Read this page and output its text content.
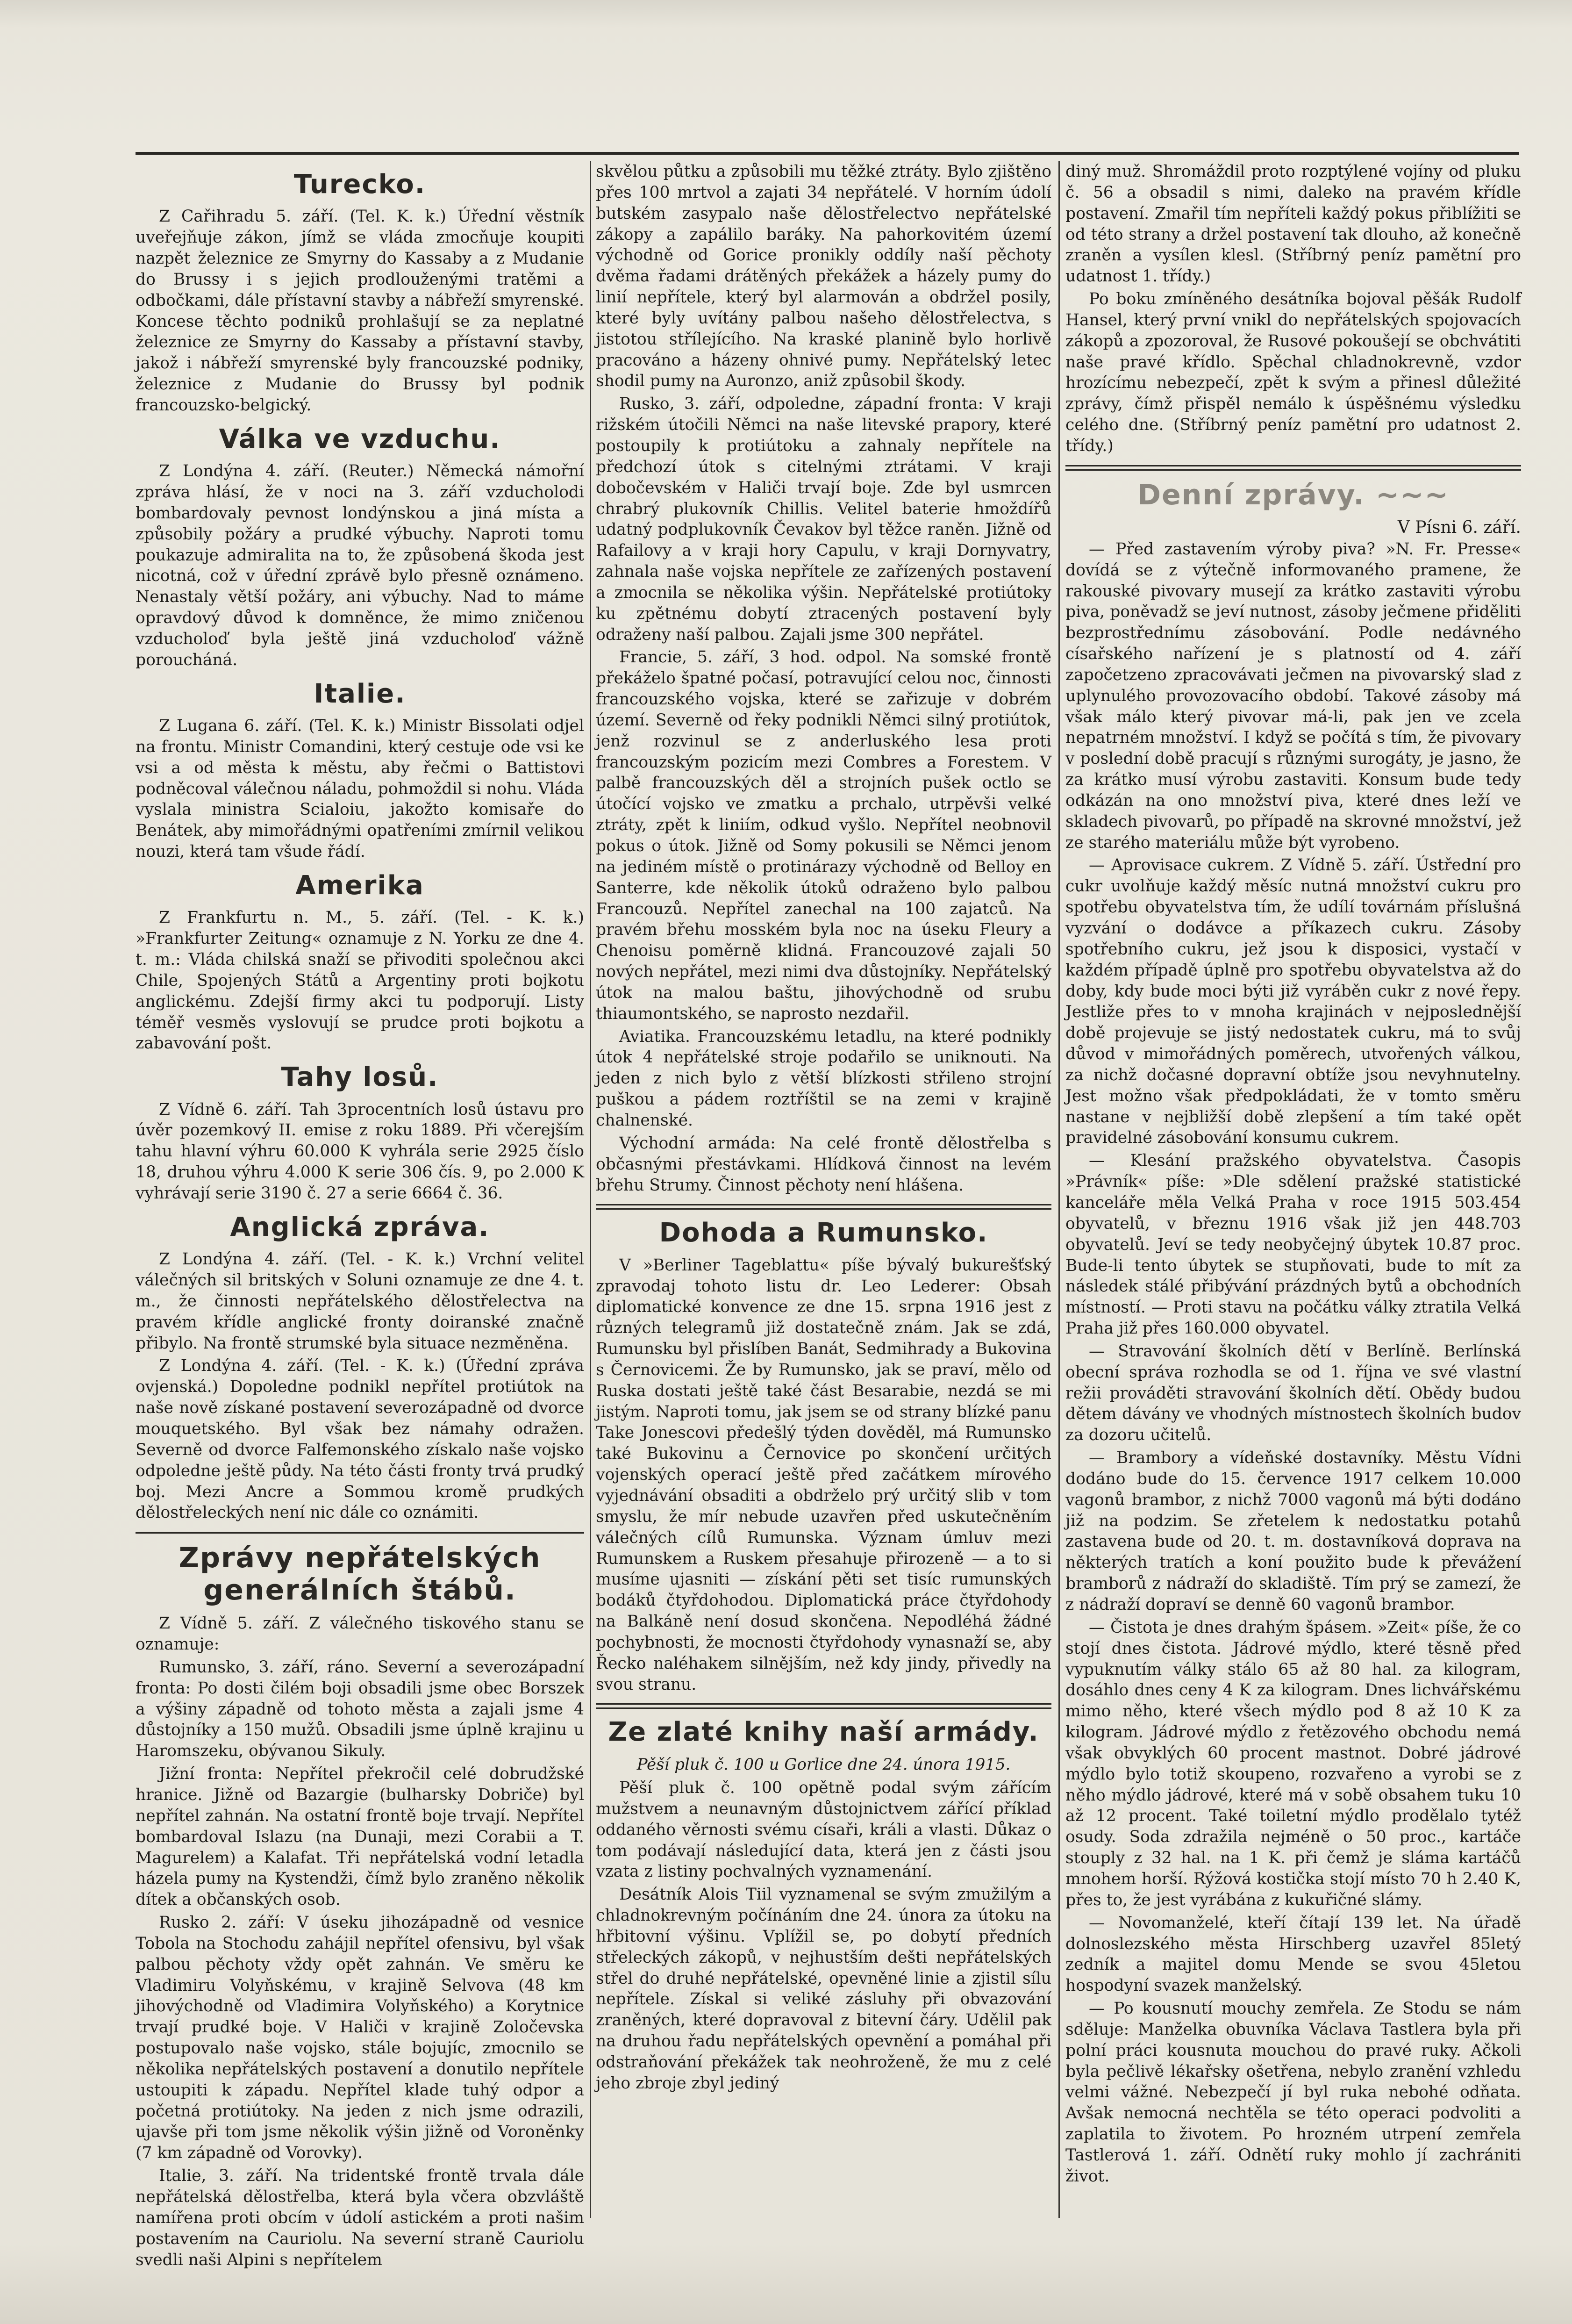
Turecko.

Z Cařihradu 5. září. (Tel. K. k.) Úřední věstník uveřejňuje zákon, jímž se vláda zmocňuje koupiti nazpět železnice ze Smyrny do Kassaby a z Mudanie do Brussy i s jejich prodlouženými tratěmi a odbočkami, dále přístavní stavby a nábřeží smyrenské. Koncese těchto podniků prohlašují se za neplatné železnice ze Smyrny do Kassaby a přístavní stavby, jakož i nábřeží smyrenské byly francouzské podniky, železnice z Mudanie do Brussy byl podnik francouzsko-belgický.

Válka ve vzduchu.

Z Londýna 4. září. (Reuter.) Německá námořní zpráva hlásí, že v noci na 3. září vzducholodi bombardovaly pevnost londýnskou a jiná místa a způsobily požáry a prudké výbuchy. Naproti tomu poukazuje admiralita na to, že způsobená škoda jest nicotná, což v úřední zprávě bylo přesně oznámeno. Nenastaly větší požáry, ani výbuchy. Nad to máme opravdový důvod k domněnce, že mimo zničenou vzducholoď byla ještě jiná vzducholoď vážně poroucháná.

Italie.

Z Lugana 6. září. (Tel. K. k.) Ministr Bissolati odjel na frontu. Ministr Comandini, který cestuje ode vsi ke vsi a od města k městu, aby řečmi o Battistovi podněcoval válečnou náladu, pohmoždil si nohu. Vláda vyslala ministra Scialoiu, jakožto komisaře do Benátek, aby mimořádnými opatřeními zmírnil velikou nouzi, která tam všude řádí.

Amerika

Z Frankfurtu n. M., 5. září. (Tel. - K. k.) »Frankfurter Zeitung« oznamuje z N. Yorku ze dne 4. t. m.: Vláda chilská snaží se přivoditi společnou akci Chile, Spojených Států a Argentiny proti bojkotu anglickému. Zdejší firmy akci tu podporují. Listy téměř vesměs vyslovují se prudce proti bojkotu a zabavování pošt.

Tahy losů.

Z Vídně 6. září. Tah 3procentních losů ústavu pro úvěr pozemkový II. emise z roku 1889. Při včerejším tahu hlavní výhru 60.000 K vyhrála serie 2925 číslo 18, druhou výhru 4.000 K serie 306 čís. 9, po 2.000 K vyhrávají serie 3190 č. 27 a serie 6664 č. 36.

Anglická zpráva.

Z Londýna 4. září. (Tel. - K. k.) Vrchní velitel válečných sil britských v Soluni oznamuje ze dne 4. t. m., že činnosti nepřátelského dělostřelectva na pravém křídle anglické fronty doiranské značně přibylo. Na frontě strumské byla situace nezměněna.

Z Londýna 4. září. (Tel. - K. k.) (Úřední zpráva ovjenská.) Dopoledne podnikl nepřítel protiútok na naše nově získané postavení severozápadně od dvorce mouquetského. Byl však bez námahy odražen. Severně od dvorce Falfemonského získalo naše vojsko odpoledne ještě půdy. Na této části fronty trvá prudký boj. Mezi Ancre a Sommou kromě prudkých dělostřeleckých není nic dále co oznámiti.

Zprávy nepřátelských generálních štábů.

Z Vídně 5. září. Z válečného tiskového stanu se oznamuje:

Rumunsko, 3. září, ráno. Severní a severozápadní fronta: Po dosti čilém boji obsadili jsme obec Borszek a výšiny západně od tohoto města a zajali jsme 4 důstojníky a 150 mužů. Obsadili jsme úplně krajinu u Haromszeku, obývanou Sikuly.

Jižní fronta: Nepřítel překročil celé dobrudžské hranice. Jižně od Bazargie (bulharsky Dobriče) byl nepřítel zahnán. Na ostatní frontě boje trvají. Nepřítel bombardoval Islazu (na Dunaji, mezi Corabii a T. Magurelem) a Kalafat. Tři nepřátelská vodní letadla házela pumy na Kystendži, čímž bylo zraněno několik dítek a občanských osob.

Rusko 2. září: V úseku jihozápadně od vesnice Tobola na Stochodu zahájil nepřítel ofensivu, byl však palbou pěchoty vždy opět zahnán. Ve směru ke Vladimiru Volyňskému, v krajině Selvova (48 km jihovýchodně od Vladimira Volyňského) a Korytnice trvají prudké boje. V Haliči v krajině Zoločevska postupovalo naše vojsko, stále bojujíc, zmocnilo se několika nepřátelských postavení a donutilo nepřítele ustoupiti k západu. Nepřítel klade tuhý odpor a početná protiútoky. Na jeden z nich jsme odrazili, ujavše při tom jsme několik výšin jižně od Voroněnky (7 km západně od Vorovky).

Italie, 3. září. Na tridentské frontě trvala dále nepřátelská dělostřelba, která byla včera obzvláště namířena proti obcím v údolí astickém a proti našim postavením na Cauriolu. Na severní straně Cauriolu svedli naši Alpini s nepřítelem

skvělou půtku a způsobili mu těžké ztráty. Bylo zjištěno přes 100 mrtvol a zajati 34 nepřátelé. V horním údolí butském zasypalo naše dělostřelectvo nepřátelské zákopy a zapálilo baráky. Na pahorkovitém území východně od Gorice pronikly oddíly naší pěchoty dvěma řadami drátěných překážek a házely pumy do linií nepřítele, který byl alarmován a obdržel posily, které byly uvítány palbou našeho dělostřelectva, s jistotou střílejícího. Na kraské planině bylo horlivě pracováno a házeny ohnivé pumy. Nepřátelský letec shodil pumy na Auronzo, aniž způsobil škody.

Rusko, 3. září, odpoledne, západní fronta: V kraji rižském útočili Němci na naše litevské prapory, které postoupily k protiútoku a zahnaly nepřítele na předchozí útok s citelnými ztrátami. V kraji dobočevském v Haliči trvají boje. Zde byl usmrcen chrabrý plukovník Chillis. Velitel baterie hmoždířů udatný podplukovník Čevakov byl těžce raněn. Jižně od Rafailovy a v kraji hory Capulu, v kraji Dornyvatry, zahnala naše vojska nepřítele ze zařízených postavení a zmocnila se několika výšin. Nepřátelské protiútoky ku zpětnému dobytí ztracených postavení byly odraženy naší palbou. Zajali jsme 300 nepřátel.

Francie, 5. září, 3 hod. odpol. Na somské frontě překáželo špatné počasí, potravující celou noc, činnosti francouzského vojska, které se zařizuje v dobrém území. Severně od řeky podnikli Němci silný protiútok, jenž rozvinul se z anderluského lesa proti francouzským pozicím mezi Combres a Forestem. V palbě francouzských děl a strojních pušek octlo se útočící vojsko ve zmatku a prchalo, utrpěvši velké ztráty, zpět k liniím, odkud vyšlo. Nepřítel neobnovil pokus o útok. Jižně od Somy pokusili se Němci jenom na jediném místě o protinárazy východně od Belloy en Santerre, kde několik útoků odraženo bylo palbou Francouzů. Nepřítel zanechal na 100 zajatců. Na pravém břehu mosském byla noc na úseku Fleury a Chenoisu poměrně klidná. Francouzové zajali 50 nových nepřátel, mezi nimi dva důstojníky. Nepřátelský útok na malou baštu, jihovýchodně od srubu thiaumontského, se naprosto nezdařil.

Aviatika. Francouzskému letadlu, na které podnikly útok 4 nepřátelské stroje podařilo se uniknouti. Na jeden z nich bylo z větší blízkosti střileno strojní puškou a pádem roztříštil se na zemi v krajině chalnenské.

Východní armáda: Na celé frontě dělostřelba s občasnými přestávkami. Hlídková činnost na levém břehu Strumy. Činnost pěchoty není hlášena.

Dohoda a Rumunsko.

V »Berliner Tageblattu« píše bývalý bukurešťský zpravodaj tohoto listu dr. Leo Lederer: Obsah diplomatické konvence ze dne 15. srpna 1916 jest z různých telegramů již dostatečně znám. Jak se zdá, Rumunsku byl přislíben Banát, Sedmihrady a Bukovina s Černovicemi. Že by Rumunsko, jak se praví, mělo od Ruska dostati ještě také část Besarabie, nezdá se mi jistým. Naproti tomu, jak jsem se od strany blízké panu Take Jonescovi předešlý týden dověděl, má Rumunsko také Bukovinu a Černovice po skončení určitých vojenských operací ještě před začátkem mírového vyjednávání obsaditi a obdrželo prý určitý slib v tom smyslu, že mír nebude uzavřen před uskutečněním válečných cílů Rumunska. Význam úmluv mezi Rumunskem a Ruskem přesahuje přirozeně — a to si musíme ujasniti — získání pěti set tisíc rumunských bodáků čtyřdohodou. Diplomatická práce čtyřdohody na Balkáně není dosud skončena. Nepodléhá žádné pochybnosti, že mocnosti čtyřdohody vynasnaží se, aby Řecko naléhakem silnějším, než kdy jindy, přivedly na svou stranu.

Ze zlaté knihy naší armády.
Pěší pluk č. 100 u Gorlice dne 24. února 1915.

Pěší pluk č. 100 opětně podal svým zářícím mužstvem a neunavným důstojnictvem zářící příklad oddaného věrnosti svému císaři, králi a vlasti. Důkaz o tom podávají následující data, která jen z části jsou vzata z listiny pochvalných vyznamenání.

Desátník Alois Tiil vyznamenal se svým zmužilým a chladnokrevným počínáním dne 24. února za útoku na hřbitovní výšinu. Vplížil se, po dobytí předních střeleckých zákopů, v nejhustším dešti nepřátelských střel do druhé nepřátelské, opevněné linie a zjistil sílu nepřítele. Získal si veliké zásluhy při obvazování zraněných, které dopravoval z bitevní čáry. Udělil pak na druhou řadu nepřátelských opevnění a pomáhal při odstraňování překážek tak neohroženě, že mu z celé jeho zbroje zbyl jediný

diný muž. Shromáždil proto rozptýlené vojíny od pluku č. 56 a obsadil s nimi, daleko na pravém křídle postavení. Zmařil tím nepříteli každý pokus přiblížiti se od této strany a držel postavení tak dlouho, až konečně zraněn a vysílen klesl. (Stříbrný peníz pamětní pro udatnost 1. třídy.)

Po boku zmíněného desátníka bojoval pěšák Rudolf Hansel, který první vnikl do nepřátelských spojovacích zákopů a zpozoroval, že Rusové pokoušejí se obchvátiti naše pravé křídlo. Spěchal chladnokrevně, vzdor hrozícímu nebezpečí, zpět k svým a přinesl důležité zprávy, čímž přispěl nemálo k úspěšnému výsledku celého dne. (Stříbrný peníz pamětní pro udatnost 2. třídy.)

Denní zprávy. ~~~
V Písni 6. září.

— Před zastavením výroby piva? »N. Fr. Presse« dovídá se z výtečně informovaného pramene, že rakouské pivovary musejí za krátko zastaviti výrobu piva, poněvadž se jeví nutnost, zásoby ječmene přiděliti bezprostřednímu zásobování. Podle nedávného císařského nařízení je s platností od 4. září započetzeno zpracovávati ječmen na pivovarský slad z uplynulého provozovacího období. Takové zásoby má však málo který pivovar má-li, pak jen ve zcela nepatrném množství. I když se počítá s tím, že pivovary v poslední době pracují s různými surogáty, je jasno, že za krátko musí výrobu zastaviti. Konsum bude tedy odkázán na ono množství piva, které dnes leží ve skladech pivovarů, po případě na skrovné množství, jež ze starého materiálu může být vyrobeno.

— Aprovisace cukrem. Z Vídně 5. září. Ústřední pro cukr uvolňuje každý měsíc nutná množství cukru pro spotřebu obyvatelstva tím, že udílí továrnám příslušná vyzvání o dodávce a příkazech cukru. Zásoby spotřebního cukru, jež jsou k disposici, vystačí v každém případě úplně pro spotřebu obyvatelstva až do doby, kdy bude moci býti již vyráběn cukr z nové řepy. Jestliže přes to v mnoha krajinách v nejposlednější době projevuje se jistý nedostatek cukru, má to svůj důvod v mimořádných poměrech, utvořených válkou, za nichž dočasné dopravní obtíže jsou nevyhnutelny. Jest možno však předpokládati, že v tomto směru nastane v nejbližší době zlepšení a tím také opět pravidelné zásobování konsumu cukrem.

— Klesání pražského obyvatelstva. Časopis »Právník« píše: »Dle sdělení pražské statistické kanceláře měla Velká Praha v roce 1915 503.454 obyvatelů, v březnu 1916 však již jen 448.703 obyvatelů. Jeví se tedy neobyčejný úbytek 10.87 proc. Bude-li tento úbytek se stupňovati, bude to mít za následek stálé přibývání prázdných bytů a obchodních místností. — Proti stavu na počátku války ztratila Velká Praha již přes 160.000 obyvatel.

— Stravování školních dětí v Berlíně. Berlínská obecní správa rozhodla se od 1. října ve své vlastní režii prováděti stravování školních dětí. Obědy budou dětem dávány ve vhodných místnostech školních budov za dozoru učitelů.

— Brambory a vídeňské dostavníky. Městu Vídni dodáno bude do 15. července 1917 celkem 10.000 vagonů brambor, z nichž 7000 vagonů má býti dodáno již na podzim. Se zřetelem k nedostatku potahů zastavena bude od 20. t. m. dostavníková doprava na některých tratích a koní použito bude k převážení bramborů z nádraží do skladiště. Tím prý se zamezí, že z nádraží dopraví se denně 60 vagonů brambor.

— Čistota je dnes drahým špásem. »Zeit« píše, že co stojí dnes čistota. Jádrové mýdlo, které těsně před vypuknutím války stálo 65 až 80 hal. za kilogram, dosáhlo dnes ceny 4 K za kilogram. Dnes lichvářskému mimo něho, které všech mýdlo pod 8 až 10 K za kilogram. Jádrové mýdlo z řetězového obchodu nemá však obvyklých 60 procent mastnot. Dobré jádrové mýdlo bylo totiž skoupeno, rozvařeno a vyrobi se z něho mýdlo jádrové, které má v sobě obsahem tuku 10 až 12 procent. Také toiletní mýdlo prodělalo tytéž osudy. Soda zdražila nejméně o 50 proc., kartáče stouply z 32 hal. na 1 K. při čemž je sláma kartáčů mnohem horší. Rýžová kostička stojí místo 70 h 2.40 K, přes to, že jest vyrábána z kukuřičné slámy.

— Novomanželé, kteří čítají 139 let. Na úřadě dolnoslezského města Hirschberg uzavřel 85letý zedník a majitel domu Mende se svou 45letou hospodyní svazek manželský.

— Po kousnutí mouchy zemřela. Ze Stodu se nám sděluje: Manželka obuvníka Václava Tastlera byla při polní práci kousnuta mouchou do pravé ruky. Ačkoli byla pečlivě lékařsky ošetřena, nebylo zranění vzhledu velmi vážné. Nebezpečí jí byl ruka nebohé odňata. Avšak nemocná nechtěla se této operaci podvoliti a zaplatila to životem. Po hrozném utrpení zemřela Tastlerová 1. září. Odnětí ruky mohlo jí zachrániti život.
